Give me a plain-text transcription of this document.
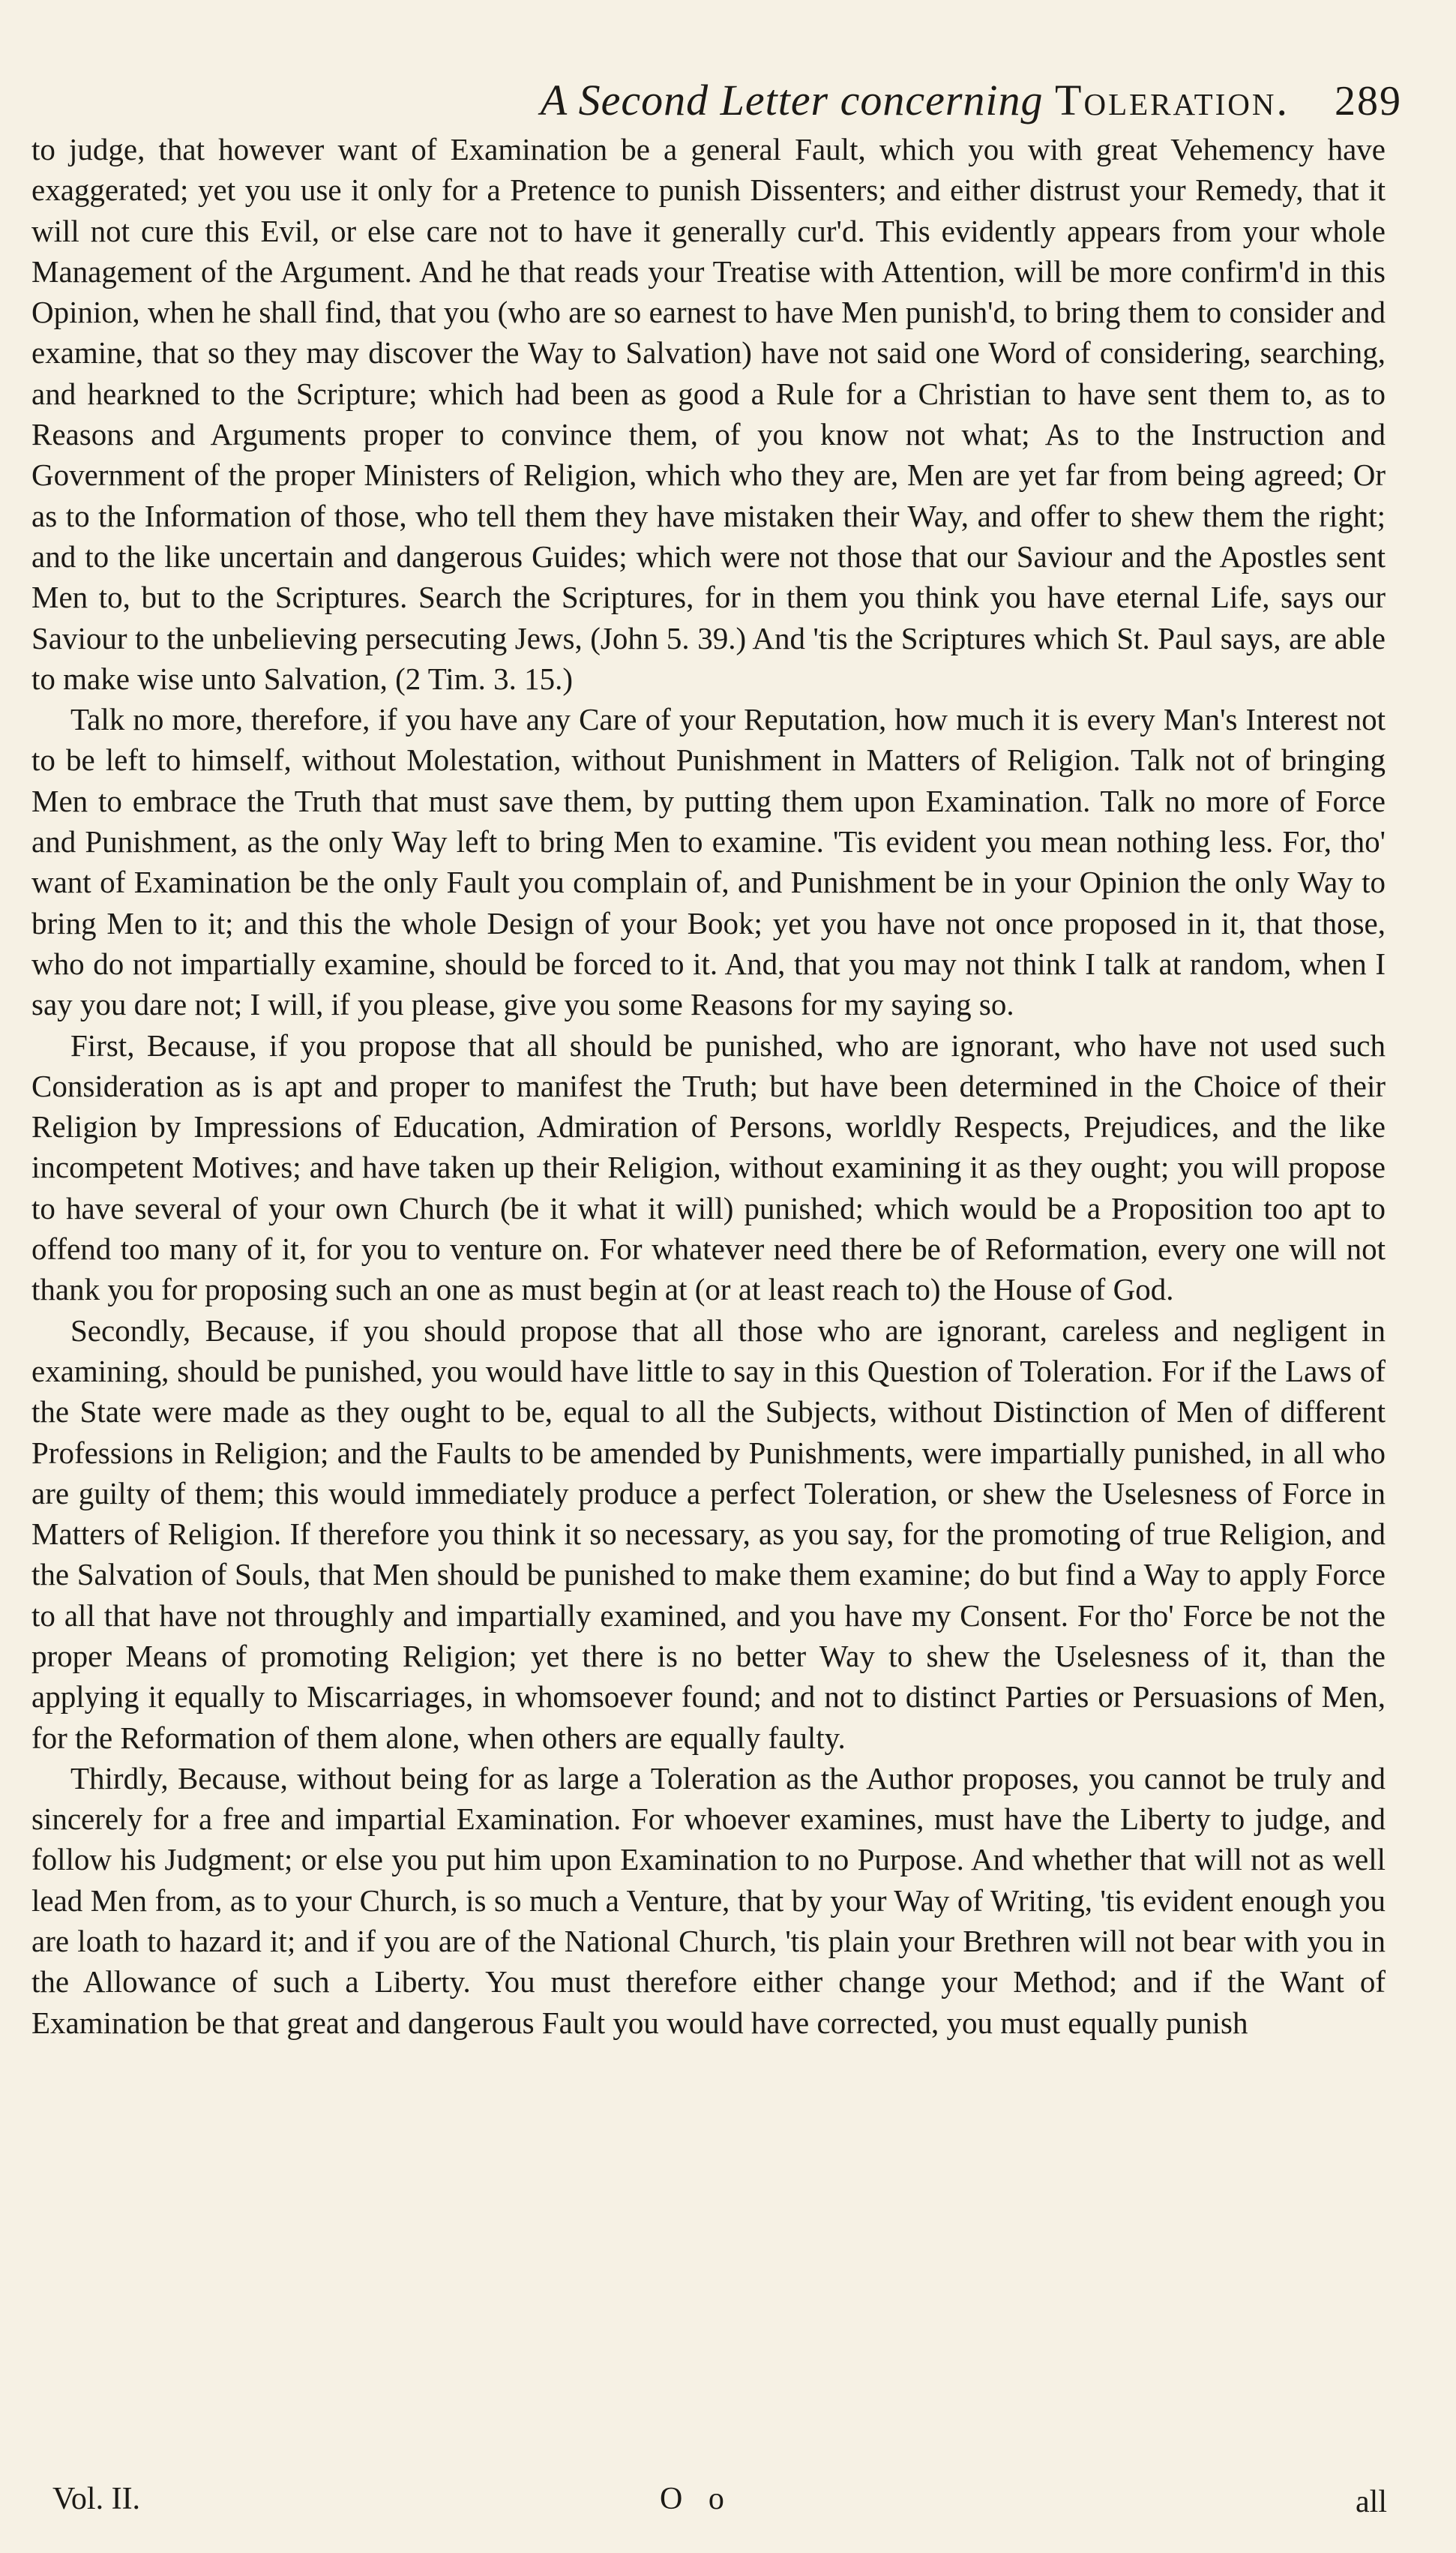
A Second Letter concerning Toleration. 289

to judge, that however want of Examination be a general Fault, which you with great Vehemency have exaggerated; yet you use it only for a Pretence to punish Dissenters; and either distrust your Remedy, that it will not cure this Evil, or else care not to have it generally cur'd. This evidently appears from your whole Management of the Argument. And he that reads your Treatise with Attention, will be more confirm'd in this Opinion, when he shall find, that you (who are so earnest to have Men punish'd, to bring them to consider and examine, that so they may discover the Way to Salvation) have not said one Word of considering, searching, and hearkned to the Scripture; which had been as good a Rule for a Christian to have sent them to, as to Reasons and Arguments proper to convince them, of you know not what; As to the Instruction and Government of the proper Ministers of Religion, which who they are, Men are yet far from being agreed; Or as to the Information of those, who tell them they have mistaken their Way, and offer to shew them the right; and to the like uncertain and dangerous Guides; which were not those that our Saviour and the Apostles sent Men to, but to the Scriptures. Search the Scriptures, for in them you think you have eternal Life, says our Saviour to the unbelieving persecuting Jews, (John 5. 39.) And 'tis the Scriptures which St. Paul says, are able to make wise unto Salvation, (2 Tim. 3. 15.)

Talk no more, therefore, if you have any Care of your Reputation, how much it is every Man's Interest not to be left to himself, without Molestation, without Punishment in Matters of Religion. Talk not of bringing Men to embrace the Truth that must save them, by putting them upon Examination. Talk no more of Force and Punishment, as the only Way left to bring Men to examine. 'Tis evident you mean nothing less. For, tho' want of Examination be the only Fault you complain of, and Punishment be in your Opinion the only Way to bring Men to it; and this the whole Design of your Book; yet you have not once proposed in it, that those, who do not impartially examine, should be forced to it. And, that you may not think I talk at random, when I say you dare not; I will, if you please, give you some Reasons for my saying so.

First, Because, if you propose that all should be punished, who are ignorant, who have not used such Consideration as is apt and proper to manifest the Truth; but have been determined in the Choice of their Religion by Impressions of Education, Admiration of Persons, worldly Respects, Prejudices, and the like incompetent Motives; and have taken up their Religion, without examining it as they ought; you will propose to have several of your own Church (be it what it will) punished; which would be a Proposition too apt to offend too many of it, for you to venture on. For whatever need there be of Reformation, every one will not thank you for proposing such an one as must begin at (or at least reach to) the House of God.

Secondly, Because, if you should propose that all those who are ignorant, careless and negligent in examining, should be punished, you would have little to say in this Question of Toleration. For if the Laws of the State were made as they ought to be, equal to all the Subjects, without Distinction of Men of different Professions in Religion; and the Faults to be amended by Punishments, were impartially punished, in all who are guilty of them; this would immediately produce a perfect Toleration, or shew the Uselesness of Force in Matters of Religion. If therefore you think it so necessary, as you say, for the promoting of true Religion, and the Salvation of Souls, that Men should be punished to make them examine; do but find a Way to apply Force to all that have not throughly and impartially examined, and you have my Consent. For tho' Force be not the proper Means of promoting Religion; yet there is no better Way to shew the Uselesness of it, than the applying it equally to Miscarriages, in whomsoever found; and not to distinct Parties or Persuasions of Men, for the Reformation of them alone, when others are equally faulty.

Thirdly, Because, without being for as large a Toleration as the Author proposes, you cannot be truly and sincerely for a free and impartial Examination. For whoever examines, must have the Liberty to judge, and follow his Judgment; or else you put him upon Examination to no Purpose. And whether that will not as well lead Men from, as to your Church, is so much a Venture, that by your Way of Writing, 'tis evident enough you are loath to hazard it; and if you are of the National Church, 'tis plain your Brethren will not bear with you in the Allowance of such a Liberty. You must therefore either change your Method; and if the Want of Examination be that great and dangerous Fault you would have corrected, you must equally punish

Vol. II.	O o	all
